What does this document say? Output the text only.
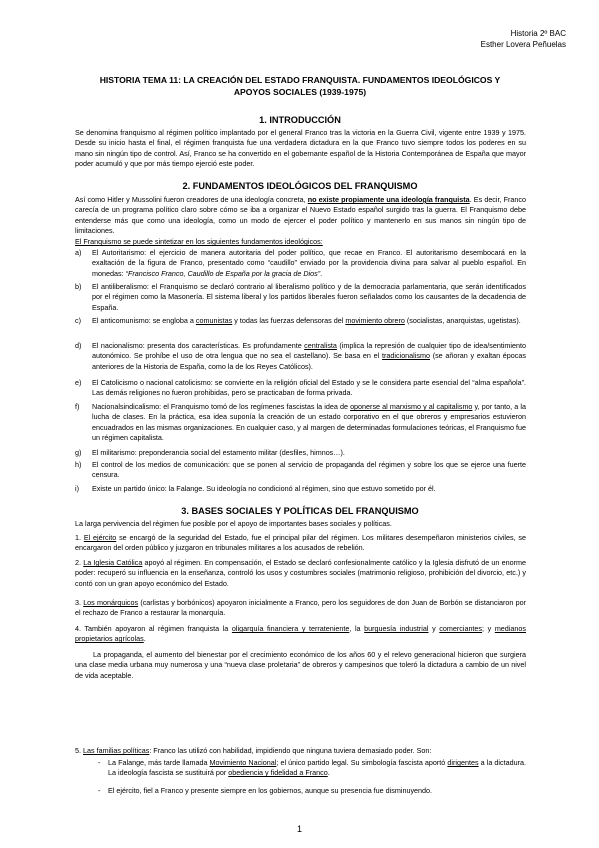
Historia 2º BAC
Esther Lovera Peñuelas
HISTORIA TEMA 11: LA CREACIÓN DEL ESTADO FRANQUISTA. FUNDAMENTOS IDEOLÓGICOS Y
APOYOS SOCIALES (1939-1975)
1. INTRODUCCIÓN
Se denomina franquismo al régimen político implantado por el general Franco tras la victoria en la Guerra Civil, vigente entre 1939 y 1975. Desde su inicio hasta el final, el régimen franquista fue una verdadera dictadura en la que Franco tuvo siempre todos los poderes en su mano sin ningún tipo de control. Así, Franco se ha convertido en el gobernante español de la Historia Contemporánea de España que mayor poder acumuló y que por más tiempo ejerció este poder.
2. FUNDAMENTOS IDEOLÓGICOS DEL FRANQUISMO
Así como Hitler y Mussolini fueron creadores de una ideología concreta, no existe propiamente una ideología franquista. Es decir, Franco carecía de un programa político claro sobre cómo se iba a organizar el Nuevo Estado español surgido tras la guerra. El Franquismo debe entenderse más que como una ideología, como un modo de ejercer el poder político y mantenerlo en sus manos sin ningún tipo de limitaciones.
El Franquismo se puede sintetizar en los siguientes fundamentos ideológicos:
a) El Autoritarismo: el ejercicio de manera autoritaria del poder político, que recae en Franco. El autoritarismo desembocará en la exaltación de la figura de Franco, presentado como “caudillo” enviado por la providencia divina para salvar al pueblo español. En monedas: “Francisco Franco, Caudillo de España por la gracia de Dios”.
b) El antiliberalismo: el Franquismo se declaró contrario al liberalismo político y de la democracia parlamentaria, que serán identificados por el régimen como la Masonería. El sistema liberal y los partidos liberales fueron señalados como los causantes de la decadencia de España.
c) El anticomunismo: se engloba a comunistas y todas las fuerzas defensoras del movimiento obrero (socialistas, anarquistas, ugetistas).
d) El nacionalismo: presenta dos características. Es profundamente centralista (implica la represión de cualquier tipo de idea/sentimiento autonómico. Se prohíbe el uso de otra lengua que no sea el castellano). Se basa en el tradicionalismo (se añoran y exaltan épocas anteriores de la Historia de España, como la de los Reyes Católicos).
e) El Catolicismo o nacional catolicismo: se convierte en la religión oficial del Estado y se le considera parte esencial del “alma española”. Las demás religiones no fueron prohibidas, pero se practicaban de forma privada.
f) Nacionalsindicalismo: el Franquismo tomó de los regímenes fascistas la idea de oponerse al marxismo y al capitalismo y, por tanto, a la lucha de clases. En la práctica, esa idea suponía la creación de un estado corporativo en el que obreros y empresarios estuvieron encuadrados en las mismas organizaciones. En cualquier caso, y al margen de determinadas formulaciones teóricas, el Franquismo fue un régimen capitalista.
g) El militarismo: preponderancia social del estamento militar (desfiles, himnos…).
h) El control de los medios de comunicación: que se ponen al servicio de propaganda del régimen y sobre los que se ejerce una fuerte censura.
i) Existe un partido único: la Falange. Su ideología no condicionó al régimen, sino que estuvo sometido por él.
3. BASES SOCIALES Y POLÍTICAS DEL FRANQUISMO
La larga pervivencia del régimen fue posible por el apoyo de importantes bases sociales y políticas.
1. El ejército se encargó de la seguridad del Estado, fue el principal pilar del régimen. Los militares desempeñaron ministerios civiles, se encargaron del orden público y juzgaron en tribunales militares a los acusados de rebelión.
2. La Iglesia Católica apoyó al régimen. En compensación, el Estado se declaró confesionalmente católico y la Iglesia disfrutó de un enorme poder: recuperó su influencia en la enseñanza, controló los usos y costumbres sociales (matrimonio religioso, prohibición del divorcio, etc.) y contó con un gran apoyo económico del Estado.
3. Los monárquicos (carlistas y borbónicos) apoyaron inicialmente a Franco, pero los seguidores de don Juan de Borbón se distanciaron por el rechazo de Franco a restaurar la monarquía.
4. También apoyaron al régimen franquista la oligarquía financiera y terrateniente, la burguesía industrial y comerciantes; y medianos propietarios agrícolas.
La propaganda, el aumento del bienestar por el crecimiento económico de los años 60 y el relevo generacional hicieron que surgiera una clase media urbana muy numerosa y una “nueva clase proletaria” de obreros y campesinos que toleró la dictadura a cambio de un nivel de vida aceptable.
5. Las familias políticas: Franco las utilizó con habilidad, impidiendo que ninguna tuviera demasiado poder. Son:
- La Falange, más tarde llamada Movimiento Nacional; el único partido legal. Su simbología fascista aportó dirigentes a la dictadura. La ideología fascista se sustituirá por obediencia y fidelidad a Franco.
- El ejército, fiel a Franco y presente siempre en los gobiernos, aunque su presencia fue disminuyendo.
1
